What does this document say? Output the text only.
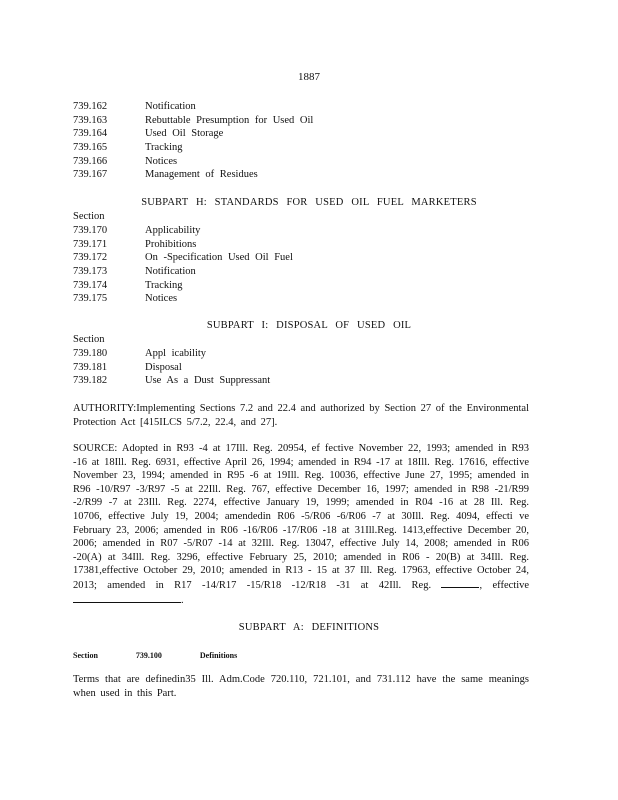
1887
739.162	Notification
739.163	Rebuttable Presumption for Used Oil
739.164	Used Oil Storage
739.165	Tracking
739.166	Notices
739.167	Management of Residues
SUBPART H: STANDARDS FOR USED OIL FUEL MARKETERS
Section
739.170	Applicability
739.171	Prohibitions
739.172	On -Specification Used Oil Fuel
739.173	Notification
739.174	Tracking
739.175	Notices
SUBPART I: DISPOSAL OF USED OIL
Section
739.180	Appl icability
739.181	Disposal
739.182	Use As a Dust Suppressant
AUTHORITY:Implementing Sections 7.2 and 22.4 and authorized by Section 27 of the Environmental Protection Act [415ILCS 5/7.2, 22.4, and 27].
SOURCE: Adopted in R93 -4 at 17Ill. Reg. 20954, ef fective November 22, 1993; amended in R93 -16 at 18Ill. Reg. 6931, effective April 26, 1994; amended in R94 -17 at 18Ill. Reg. 17616, effective November 23, 1994; amended in R95 -6 at 19Ill. Reg. 10036, effective June 27, 1995; amended in R96 -10/R97 -3/R97 -5 at 22Ill. Reg. 767, effective December 16, 1997; amended in R98 -21/R99 -2/R99 -7 at 23Ill. Reg. 2274, effective January 19, 1999; amended in R04 -16 at 28 Ill. Reg. 10706, effective July 19, 2004; amendedin R06 -5/R06 -6/R06 -7 at 30Ill. Reg. 4094, effecti ve February 23, 2006; amended in R06 -16/R06 -17/R06 -18 at 31Ill.Reg. 1413,effective December 20, 2006; amended in R07 -5/R07 -14 at 32Ill. Reg. 13047, effective July 14, 2008; amended in R06 -20(A) at 34Ill. Reg. 3296, effective February 25, 2010; amended in R06 - 20(B) at 34Ill. Reg. 17381,effective October 29, 2010; amended in R13 - 15 at 37 Ill. Reg. 17963, effective October 24, 2013; amended in R17 -14/R17 -15/R18 -12/R18 -31 at 42Ill. Reg.	, effective .
SUBPART A: DEFINITIONS
Section	739.100	Definitions
Terms that are definedin35 Ill. Adm.Code 720.110, 721.101, and 731.112 have the same meanings when used in this Part.
